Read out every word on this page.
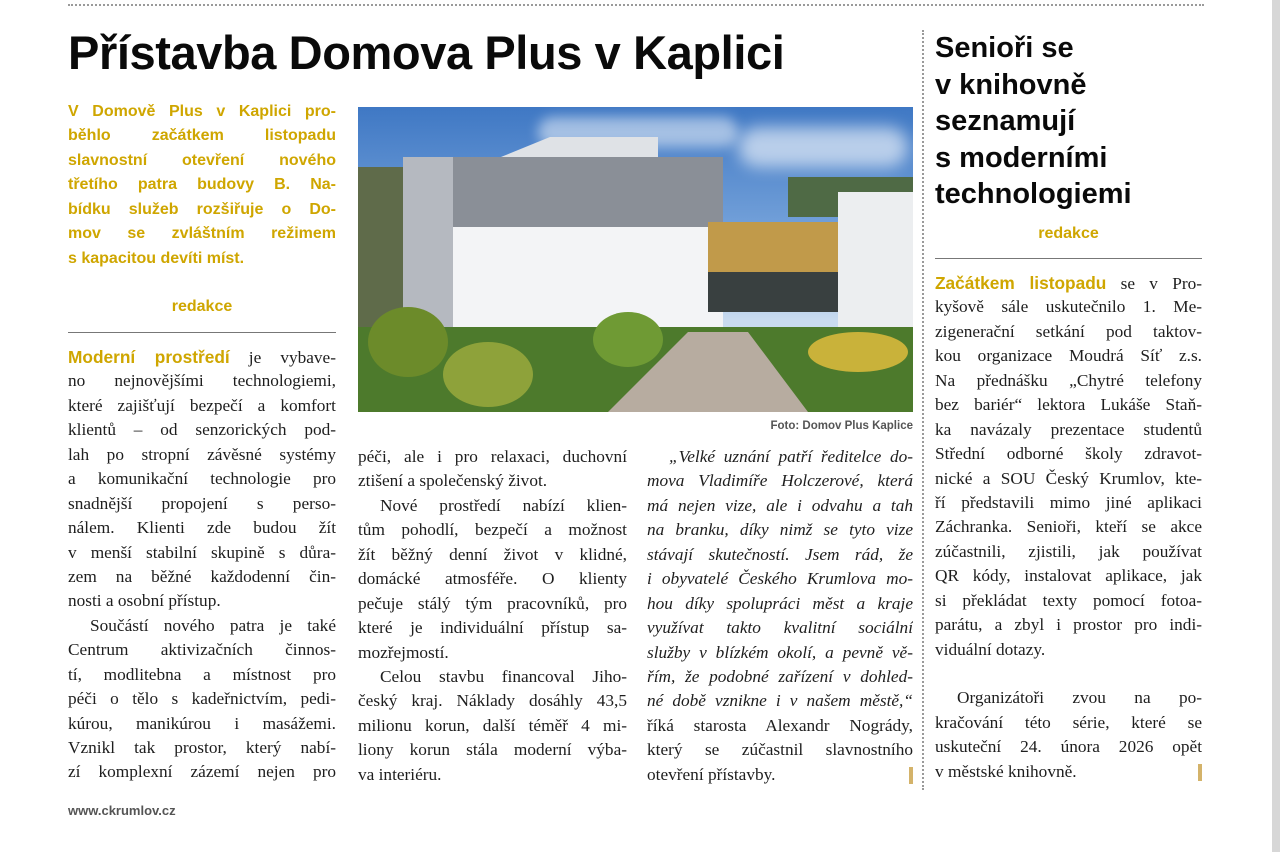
Přístavba Domova Plus v Kaplici
V Domově Plus v Kaplici pro-
běhlo začátkem listopadu
slavnostní otevření nového
třetího patra budovy B. Na-
bídku služeb rozšiřuje o Do-
mov se zvláštním režimem
s kapacitou devíti míst.
redakce
Foto: Domov Plus Kaplice
Moderní prostředí je vybave-
no nejnovějšími technologiemi,
které zajišťují bezpečí a komfort
klientů – od senzorických pod-
lah po stropní závěsné systémy
a komunikační technologie pro
snadnější propojení s perso-
nálem. Klienti zde budou žít
v menší stabilní skupině s důra-
zem na běžné každodenní čin-
nosti a osobní přístup.
Součástí nového patra je také
Centrum aktivizačních činnos-
tí, modlitebna a místnost pro
péči o tělo s kadeřnictvím, pedi-
kúrou, manikúrou i masážemi.
Vznikl tak prostor, který nabí-
zí komplexní zázemí nejen pro
péči, ale i pro relaxaci, duchovní
ztišení a společenský život.
Nové prostředí nabízí klien-
tům pohodlí, bezpečí a možnost
žít běžný denní život v klidné,
domácké atmosféře. O klienty
pečuje stálý tým pracovníků, pro
které je individuální přístup sa-
mozřejmostí.
Celou stavbu financoval Jiho-
český kraj. Náklady dosáhly 43,5
milionu korun, další téměř 4 mi-
liony korun stála moderní výba-
va interiéru.
„Velké uznání patří ředitelce do-
mova Vladimíře Holczerové, která
má nejen vize, ale i odvahu a tah
na branku, díky nimž se tyto vize
stávají skutečností. Jsem rád, že
i obyvatelé Českého Krumlova mo-
hou díky spolupráci měst a kraje
využívat takto kvalitní sociální
služby v blízkém okolí, a pevně vě-
řím, že podobné zařízení v dohled-
né době vznikne i v našem městě,“
říká starosta Alexandr Nogrády,
který se zúčastnil slavnostního
otevření přístavby.
Senioři se
v knihovně
seznamují
s moderními
technologiemi
redakce
Začátkem listopadu se v Pro-
kyšově sále uskutečnilo 1. Me-
zigenerační setkání pod taktov-
kou organizace Moudrá Síť z.s.
Na přednášku „Chytré telefony
bez bariér“ lektora Lukáše Staň-
ka navázaly prezentace studentů
Střední odborné školy zdravot-
nické a SOU Český Krumlov, kte-
ří představili mimo jiné aplikaci
Záchranka. Senioři, kteří se akce
zúčastnili, zjistili, jak používat
QR kódy, instalovat aplikace, jak
si překládat texty pomocí fotoa-
parátu, a zbyl i prostor pro indi-
viduální dotazy.
Organizátoři zvou na po-
kračování této série, které se
uskuteční 24. února 2026 opět
v městské knihovně.
www.ckrumlov.cz
